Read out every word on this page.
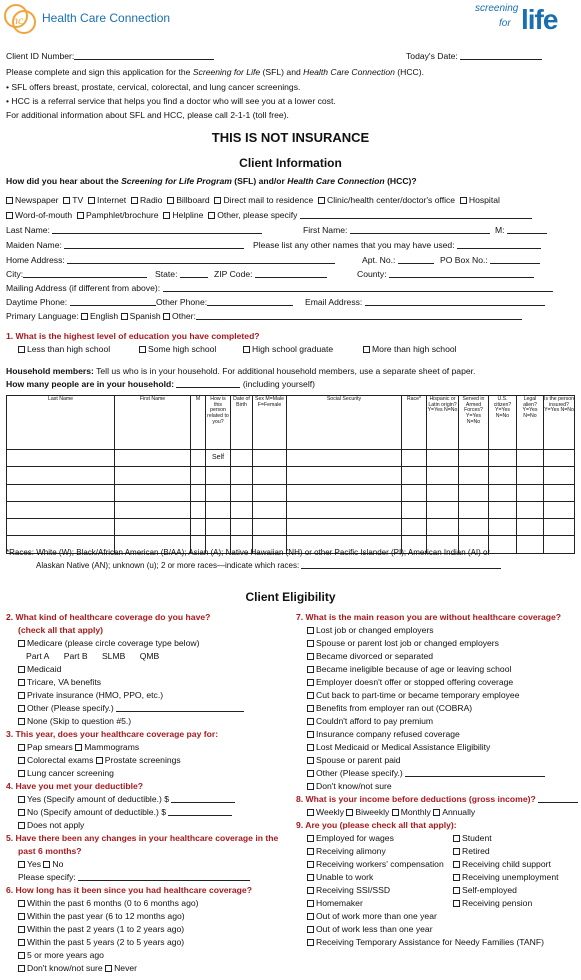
hc Health Care Connection
screening
for life
Client ID Number:	Today's Date:
Please complete and sign this application for the Screening for Life (SFL) and Health Care Connection (HCC).
• SFL offers breast, prostate, cervical, colorectal, and lung cancer screenings.
• HCC is a referral service that helps you find a doctor who will see you at a lower cost.
For additional information about SFL and HCC, please call 2-1-1 (toll free).
THIS IS NOT INSURANCE
Client Information
How did you hear about the Screening for Life Program (SFL) and/or Health Care Connection (HCC)?
Newspaper TV Internet Radio Billboard Direct mail to residence Clinic/health center/doctor's office Hospital
Word-of-mouth Pamphlet/brochure Helpline Other, please specify
Last Name:	First Name:	M:
Maiden Name:	Please list any other names that you may have used:
Home Address:	Apt. No.:	PO Box No.:
City:	State:	ZIP Code:	County:
Mailing Address (if different from above):
Daytime Phone:	Other Phone:	Email Address:
Primary Language: English Spanish Other:
1. What is the highest level of education you have completed?
Less than high school	Some high school	High school graduate	More than high school
Household members: Tell us who is in your household. For additional household members, use a separate sheet of paper.
How many people are in your household:	(including yourself)
Last Name	First Name	M	How is this person related to you?	Date of Birth	Sex M=Male F=Female	Social Security	Race*	Hispanic or Latin origin? Y=Yes N=No	Served in Armed Forces? Y=Yes N=No	U.S. citizen? Y=Yes N=No	Legal alien? Y=Yes N=No	Is the person insured? Y=Yes N=No
			Self									

*Races: White (W); Black/African American (B/AA); Asian (A); Native Hawaiian (NH) or other Pacific Islander (PI); American Indian (AI) or
Alaskan Native (AN); unknown (u); 2 or more races—indicate which races:
Client Eligibility
2. What kind of healthcare coverage do you have?
(check all that apply)
Medicare (please circle coverage type below)
Part A Part B SLMB QMB
Medicaid
Tricare, VA benefits
Private insurance (HMO, PPO, etc.)
Other (Please specify.)
None (Skip to question #5.)
3. This year, does your healthcare coverage pay for:
Pap smears Mammograms
Colorectal exams Prostate screenings
Lung cancer screening
4. Have you met your deductible?
Yes (Specify amount of deductible.) $
No (Specify amount of deductible.) $
Does not apply
5. Have there been any changes in your healthcare coverage in the
past 6 months?
Yes No
Please specify:
6. How long has it been since you had healthcare coverage?
Within the past 6 months (0 to 6 months ago)
Within the past year (6 to 12 months ago)
Within the past 2 years (1 to 2 years ago)
Within the past 5 years (2 to 5 years ago)
5 or more years ago
Don't know/not sure Never
7. What is the main reason you are without healthcare coverage?
Lost job or changed employers
Spouse or parent lost job or changed employers
Became divorced or separated
Became ineligible because of age or leaving school
Employer doesn't offer or stopped offering coverage
Cut back to part-time or became temporary employee
Benefits from employer ran out (COBRA)
Couldn't afford to pay premium
Insurance company refused coverage
Lost Medicaid or Medical Assistance Eligibility
Spouse or parent paid
Other (Please specify.)
Don't know/not sure
8. What is your income before deductions (gross income)?
Weekly Biweekly Monthly Annually
9. Are you (please check all that apply):
Employed for wages
Receiving alimony
Receiving workers' compensation
Unable to work
Receiving SSI/SSD
Homemaker
Out of work more than one year
Out of work less than one year
Receiving Temporary Assistance for Needy Families (TANF)
Student
Retired
Receiving child support
Receiving unemployment
Self-employed
Receiving pension
